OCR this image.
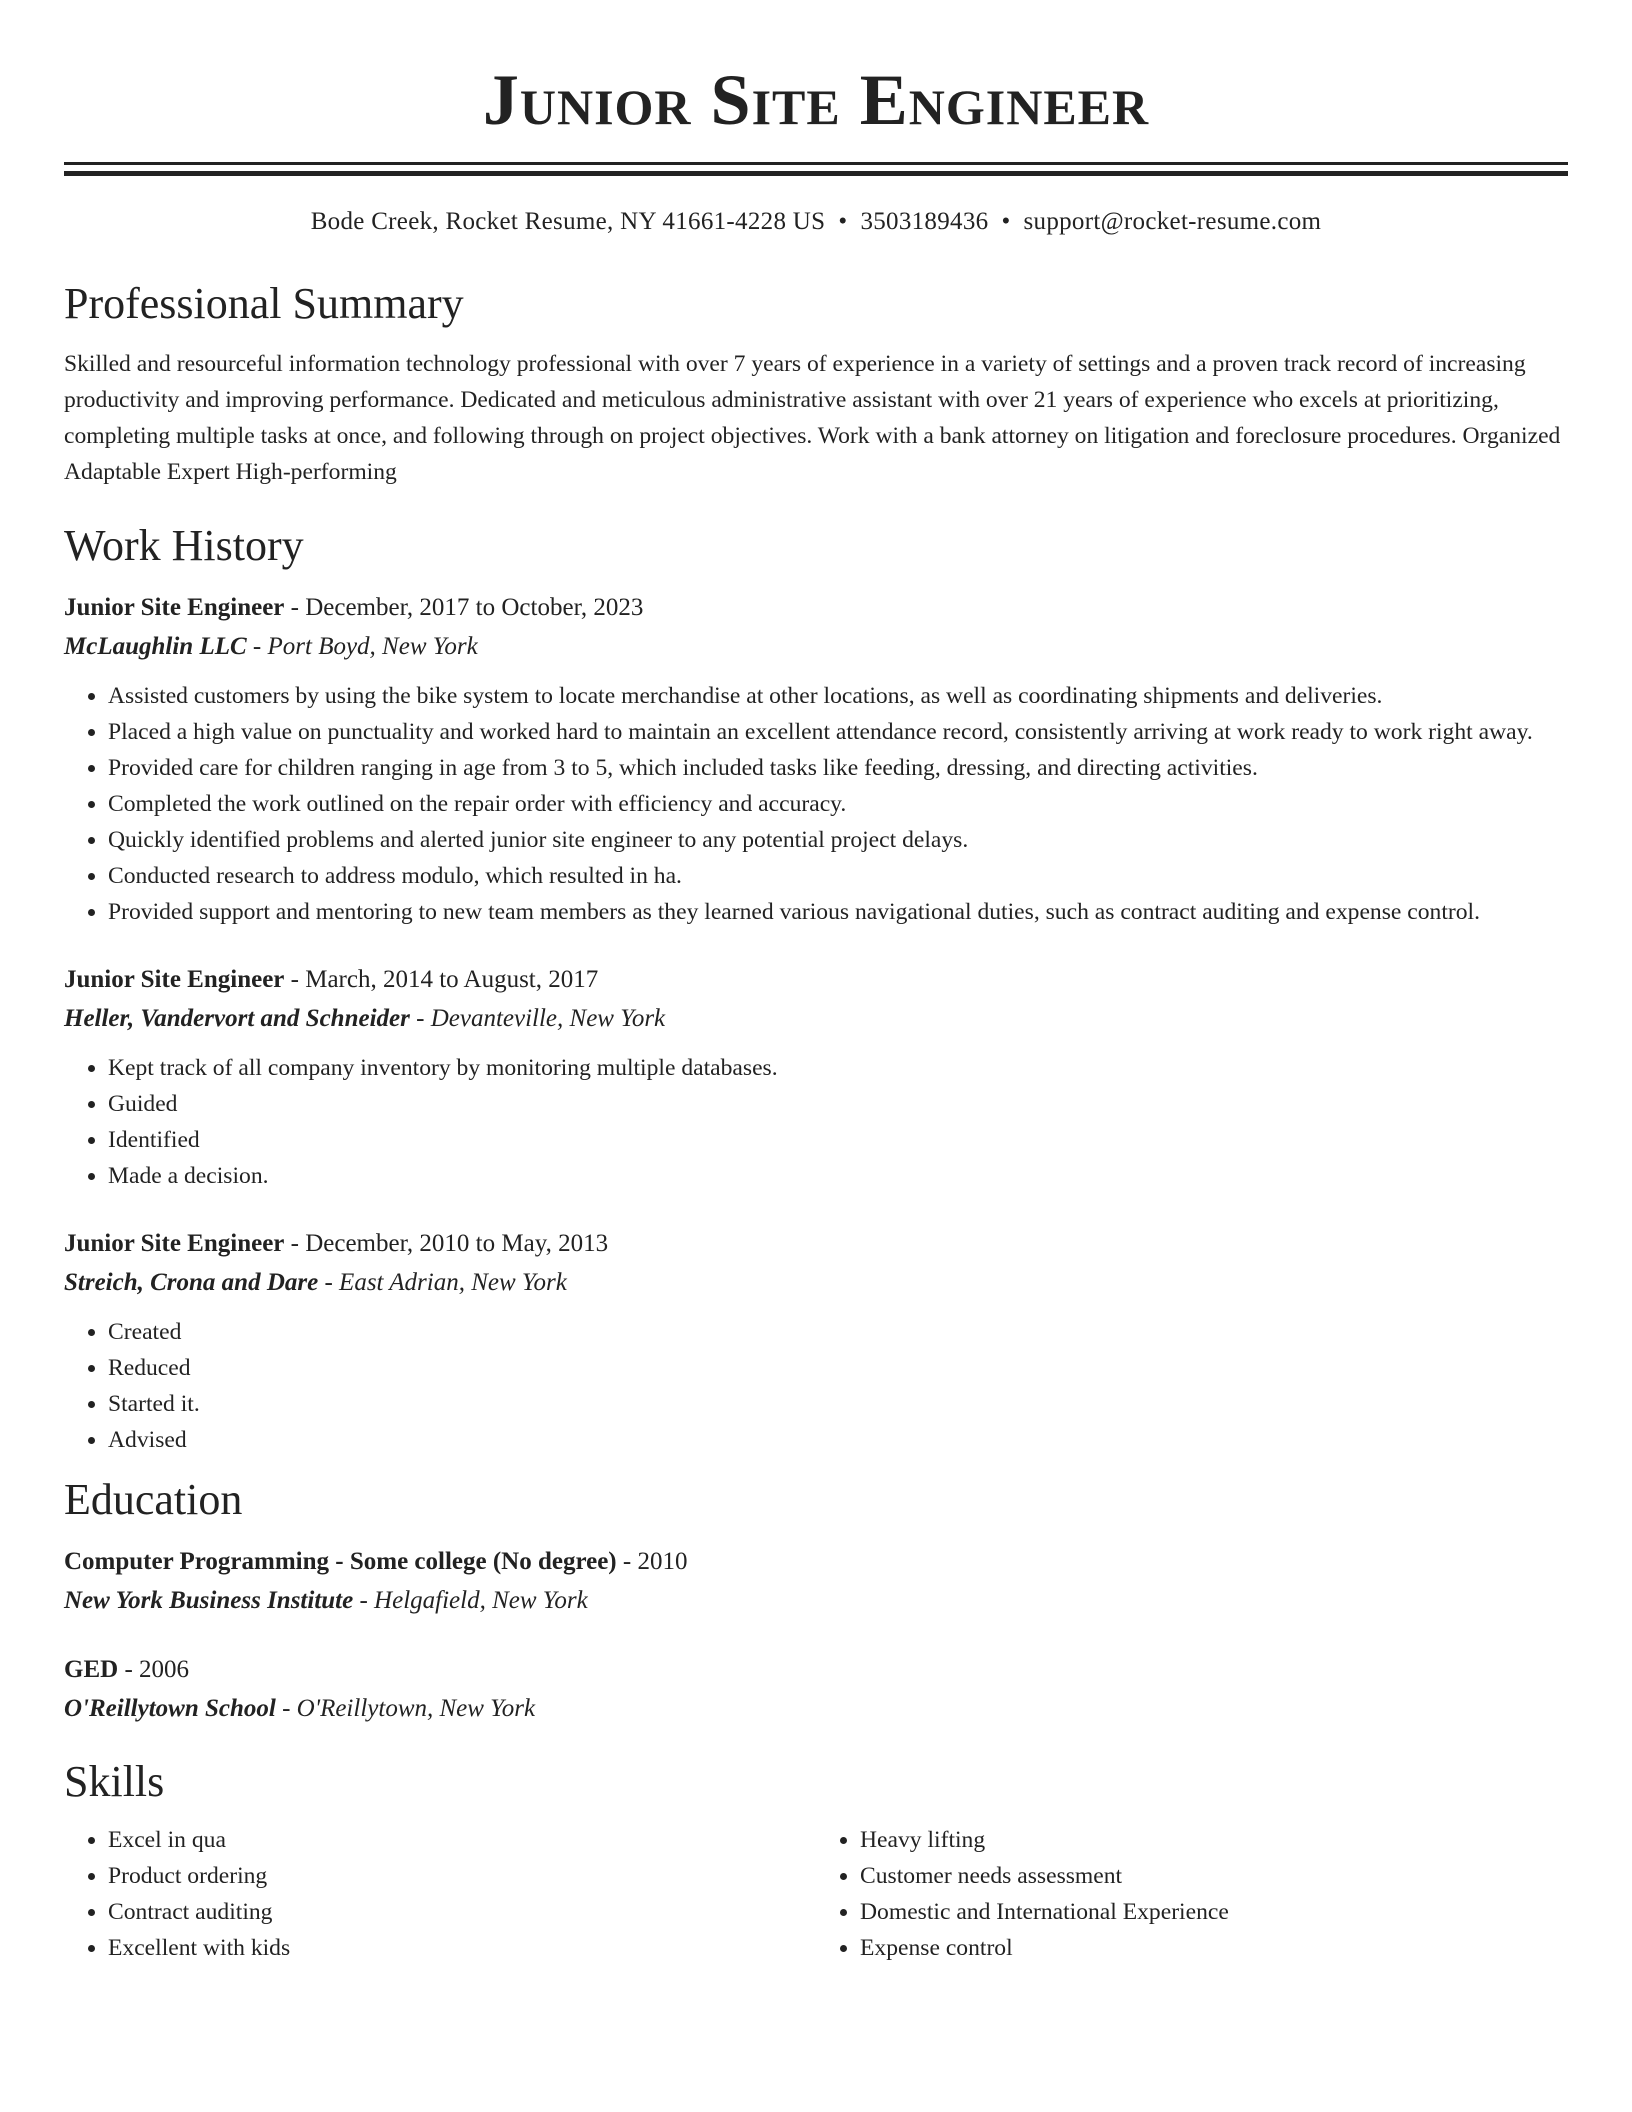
Junior Site Engineer
Bode Creek, Rocket Resume, NY 41661-4228 US • 3503189436 • support@rocket-resume.com
Professional Summary

Skilled and resourceful information technology professional with over 7 years of experience in a variety of settings and a proven track record of increasing productivity and improving performance. Dedicated and meticulous administrative assistant with over 21 years of experience who excels at prioritizing, completing multiple tasks at once, and following through on project objectives. Work with a bank attorney on litigation and foreclosure procedures. Organized Adaptable Expert High-performing

Work History
Junior Site Engineer - December, 2017 to October, 2023
McLaughlin LLC - Port Boyd, New York
• Assisted customers by using the bike system to locate merchandise at other locations, as well as coordinating shipments and deliveries.
• Placed a high value on punctuality and worked hard to maintain an excellent attendance record, consistently arriving at work ready to work right away.
• Provided care for children ranging in age from 3 to 5, which included tasks like feeding, dressing, and directing activities.
• Completed the work outlined on the repair order with efficiency and accuracy.
• Quickly identified problems and alerted junior site engineer to any potential project delays.
• Conducted research to address modulo, which resulted in ha.
• Provided support and mentoring to new team members as they learned various navigational duties, such as contract auditing and expense control.
Junior Site Engineer - March, 2014 to August, 2017
Heller, Vandervort and Schneider - Devanteville, New York
• Kept track of all company inventory by monitoring multiple databases.
• Guided
• Identified
• Made a decision.
Junior Site Engineer - December, 2010 to May, 2013
Streich, Crona and Dare - East Adrian, New York
• Created
• Reduced
• Started it.
• Advised
Education
Computer Programming - Some college (No degree) - 2010
New York Business Institute - Helgafield, New York
GED - 2006
O'Reillytown School - O'Reillytown, New York
Skills
• Excel in qua
• Product ordering
• Contract auditing
• Excellent with kids
• Heavy lifting
• Customer needs assessment
• Domestic and International Experience
• Expense control
